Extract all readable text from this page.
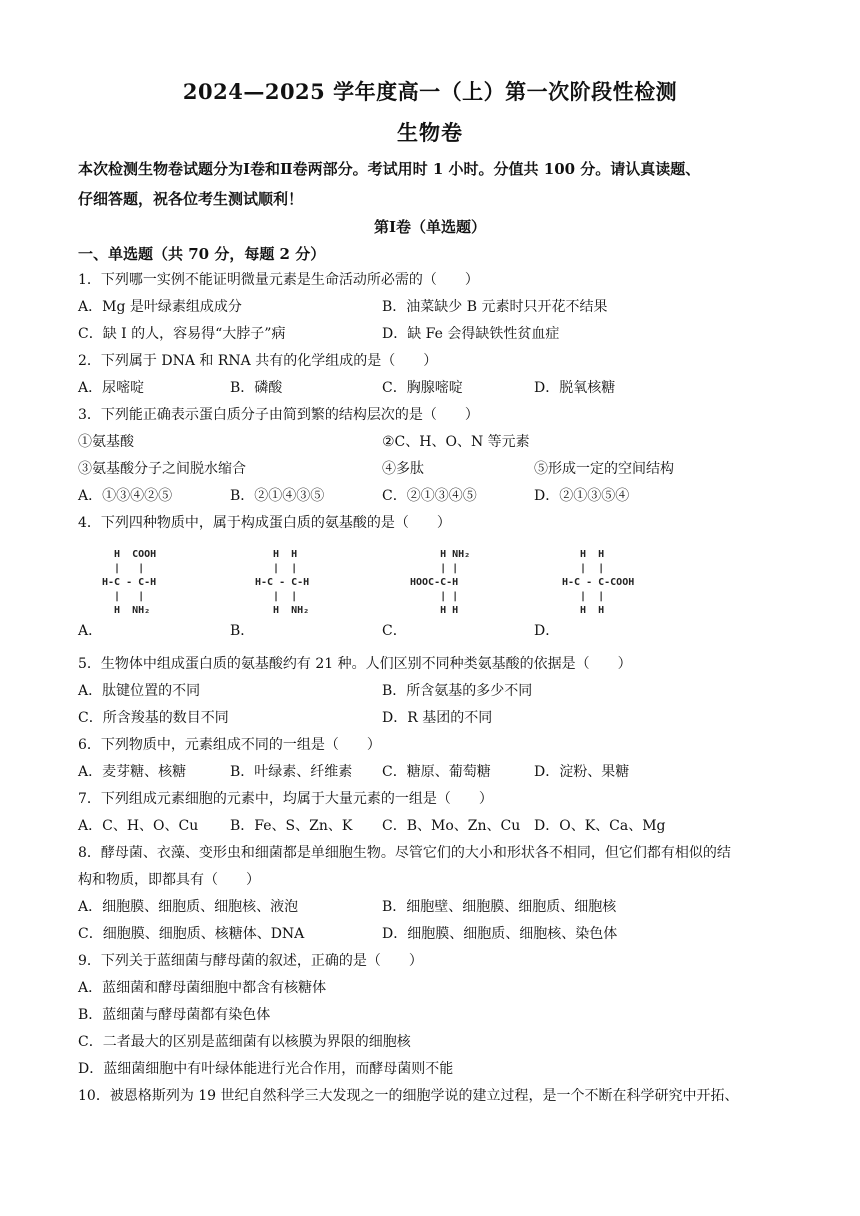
2024—2025 学年度高一（上）第一次阶段性检测
生物卷
本次检测生物卷试题分为Ⅰ卷和Ⅱ卷两部分。考试用时 1 小时。分值共 100 分。请认真读题、
仔细答题，祝各位考生测试顺利！
第Ⅰ卷（单选题）
一、单选题（共 70 分，每题 2 分）
1．下列哪一实例不能证明微量元素是生命活动所必需的（　　）
A．Mg 是叶绿素组成成分	B．油菜缺少 B 元素时只开花不结果
C．缺 I 的人，容易得“大脖子”病	D．缺 Fe 会得缺铁性贫血症
2．下列属于 DNA 和 RNA 共有的化学组成的是（　　）
A．尿嘧啶	B．磷酸	C．胸腺嘧啶	D．脱氧核糖
3．下列能正确表示蛋白质分子由简到繁的结构层次的是（　　）
①氨基酸	②C、H、O、N 等元素
③氨基酸分子之间脱水缩合	④多肽	⑤形成一定的空间结构
A．①③④②⑤	B．②①④③⑤	C．②①③④⑤	D．②①③⑤④
4．下列四种物质中，属于构成蛋白质的氨基酸的是（　　）
H  COOH
|   |
H-C - C-H
|   |
H  NH₂
H  H
|  |
H-C - C-H
|  |
H  NH₂
H NH₂
| |
HOOC-C-H
| |
H H
H  H
|  |
H-C - C-COOH
|  |
H  H
A．	B．	C．	D．
5．生物体中组成蛋白质的氨基酸约有 21 种。人们区别不同种类氨基酸的依据是（　　）
A．肽键位置的不同	B．所含氨基的多少不同
C．所含羧基的数目不同	D．R 基团的不同
6．下列物质中，元素组成不同的一组是（　　）
A．麦芽糖、核糖	B．叶绿素、纤维素 C．糖原、葡萄糖	D．淀粉、果糖
7．下列组成元素细胞的元素中，均属于大量元素的一组是（　　）
A．C、H、O、Cu B．Fe、S、Zn、K C．B、Mo、Zn、Cu D．O、K、Ca、Mg
8．酵母菌、衣藻、变形虫和细菌都是单细胞生物。尽管它们的大小和形状各不相同，但它们都有相似的结
构和物质，即都具有（　　）
A．细胞膜、细胞质、细胞核、液泡	B．细胞壁、细胞膜、细胞质、细胞核
C．细胞膜、细胞质、核糖体、DNA	D．细胞膜、细胞质、细胞核、染色体
9．下列关于蓝细菌与酵母菌的叙述，正确的是（　　）
A．蓝细菌和酵母菌细胞中都含有核糖体
B．蓝细菌与酵母菌都有染色体
C．二者最大的区别是蓝细菌有以核膜为界限的细胞核
D．蓝细菌细胞中有叶绿体能进行光合作用，而酵母菌则不能
10．被恩格斯列为 19 世纪自然科学三大发现之一的细胞学说的建立过程，是一个不断在科学研究中开拓、
